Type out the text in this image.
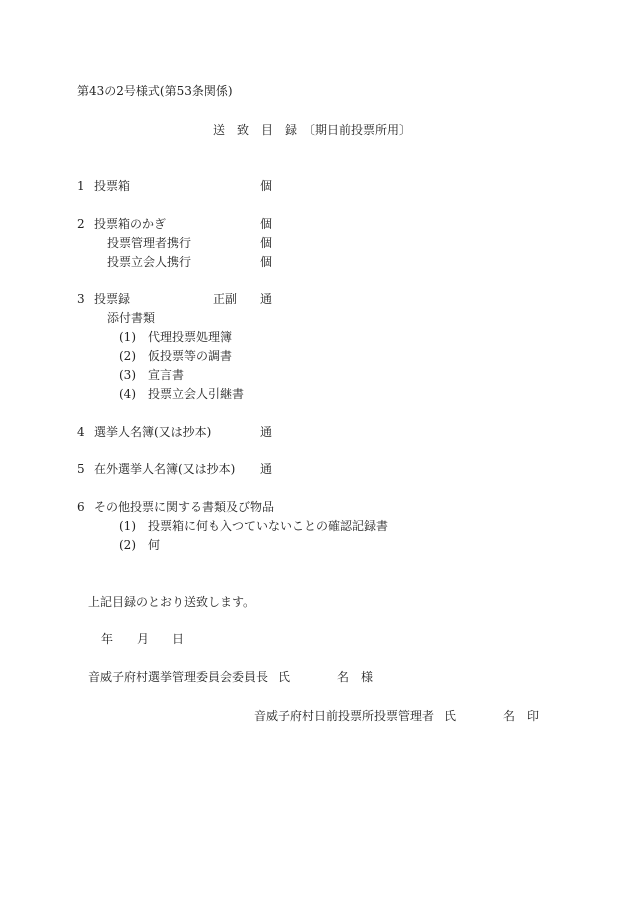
第43の2号様式(第53条関係)
送　致　目　録　〔期日前投票所用〕
1 投票箱	個
2 投票箱のかぎ	個
投票管理者携行	個
投票立会人携行	個
3 投票録	正副 通
添付書類
(1) 代理投票処理簿
(2) 仮投票等の調書
(3) 宣言書
(4) 投票立会人引継書
4 選挙人名簿(又は抄本)	通
5 在外選挙人名簿(又は抄本) 通
6 その他投票に関する書類及び物品
(1) 投票箱に何も入つていないことの確認記録書
(2) 何
上記目録のとおり送致します。
年 月 日
音威子府村選挙管理委員会委員長 氏	名 様
音威子府村日前投票所投票管理者 氏	名 印
